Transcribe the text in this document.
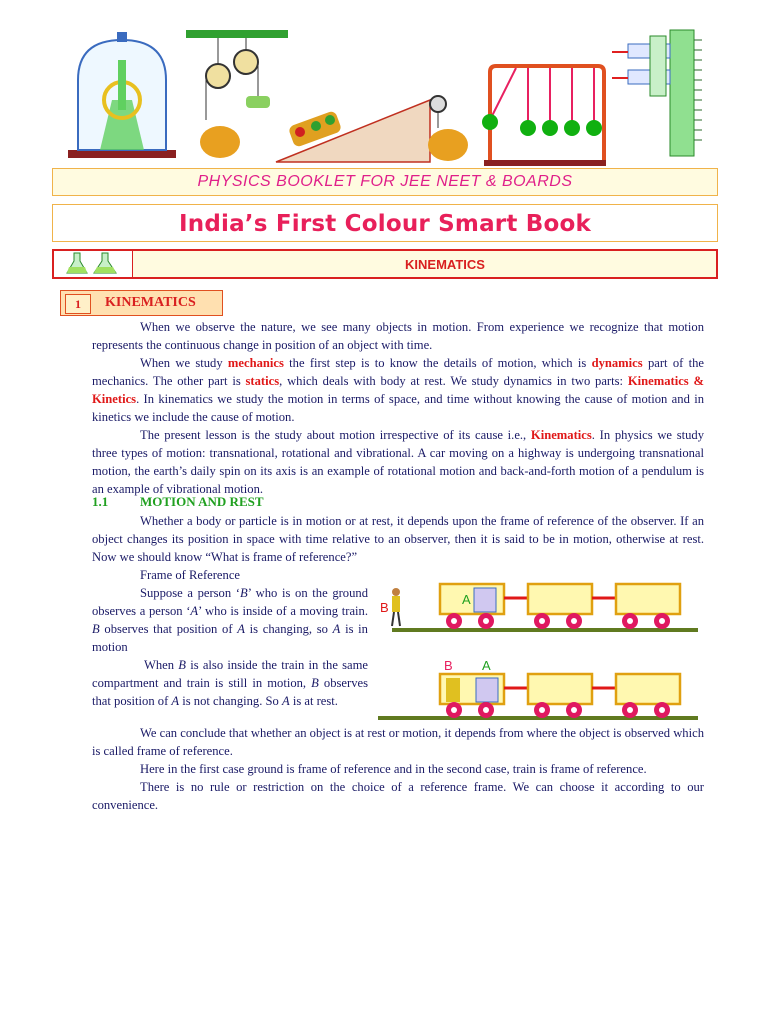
PHYSICS BOOKLET FOR JEE NEET & BOARDS
India’s First Colour Smart Book
KINEMATICS
1	KINEMATICS

When we observe the nature, we see many objects in motion. From experience we recognize that motion represents the continuous change in position of an object with time.

When we study mechanics the first step is to know the details of motion, which is dynamics part of the mechanics. The other part is statics, which deals with body at rest. We study dynamics in two parts: Kinematics & Kinetics. In kinematics we study the motion in terms of space, and time without knowing the cause of motion and in kinetics we include the cause of motion.

The present lesson is the study about motion irrespective of its cause i.e., Kinematics. In physics we study three types of motion: transnational, rotational and vibrational. A car moving on a highway is undergoing transnational motion, the earth’s daily spin on its axis is an example of rotational motion and back-and-forth motion of a pendulum is an example of vibrational motion.

1.1 MOTION AND REST

Whether a body or particle is in motion or at rest, it depends upon the frame of reference of the observer. If an object changes its position in space with time relative to an observer, then it is said to be in motion, otherwise at rest. Now we should know “What is frame of reference?”

Frame of Reference

Suppose a person ‘B’ who is on the ground observes a person ‘A’ who is inside of a moving train. B observes that position of A is changing, so A is in motion

When B is also inside the train in the same compartment and train is still in motion, B observes that position of A is not changing. So A is at rest.

B
A
B A

We can conclude that whether an object is at rest or motion, it depends from where the object is observed which is called frame of reference.

Here in the first case ground is frame of reference and in the second case, train is frame of reference.

There is no rule or restriction on the choice of a reference frame. We can choose it according to our convenience.
